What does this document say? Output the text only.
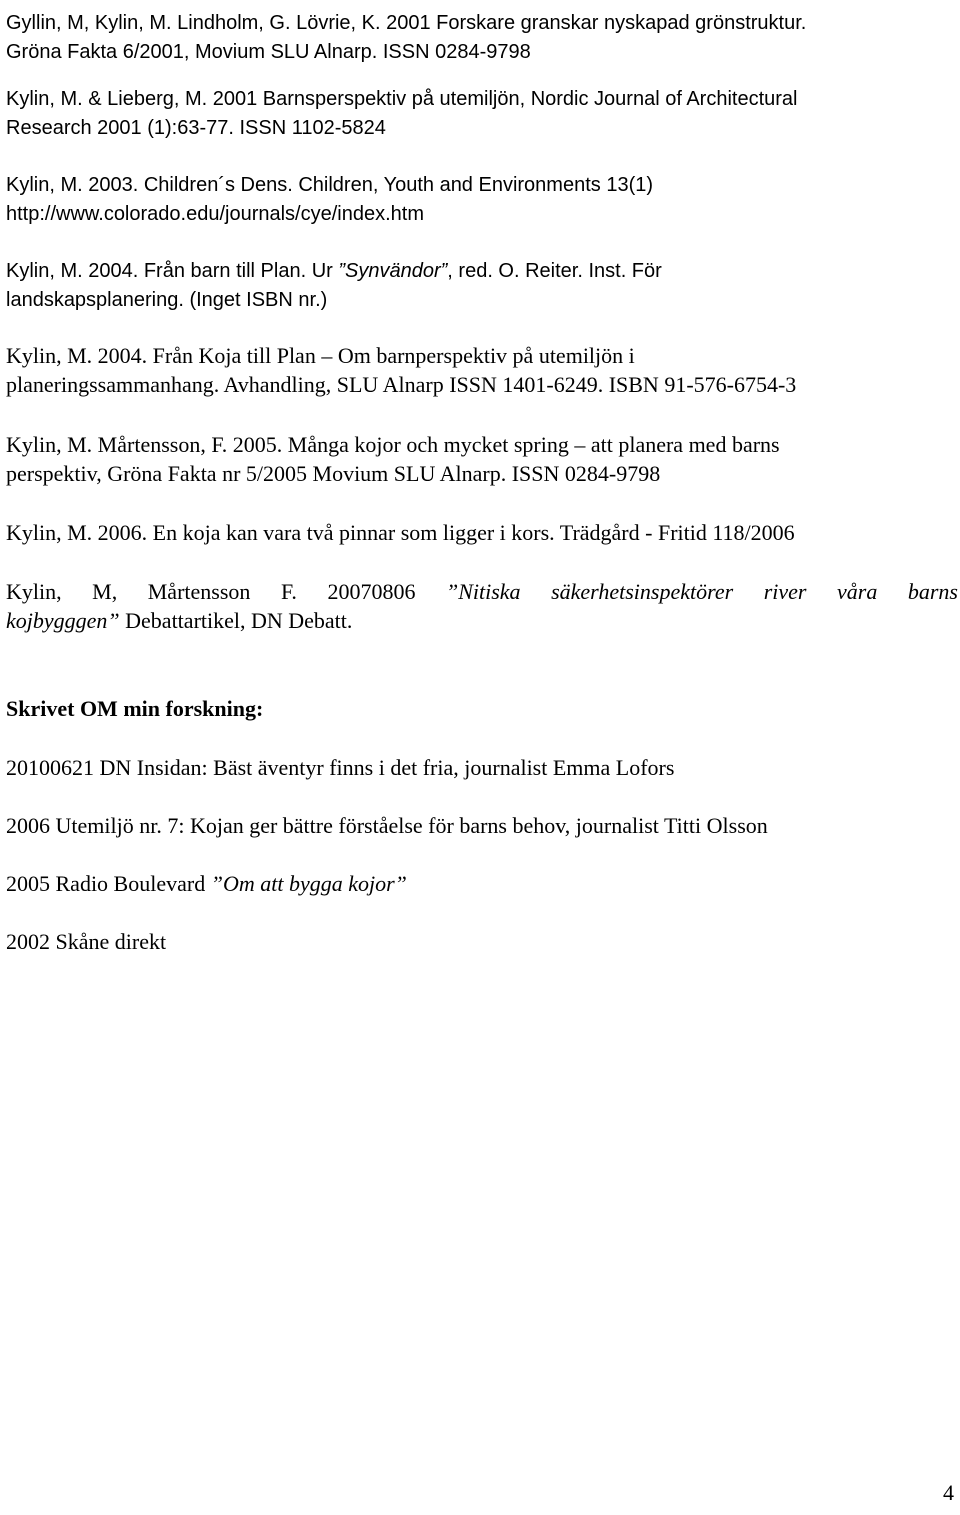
Gyllin, M, Kylin, M. Lindholm, G. Lövrie, K. 2001 Forskare granskar nyskapad grönstruktur.
Gröna Fakta 6/2001, Movium SLU Alnarp. ISSN 0284-9798
Kylin, M. & Lieberg, M. 2001 Barnsperspektiv på utemiljön, Nordic Journal of Architectural
Research 2001 (1):63-77. ISSN 1102-5824
Kylin, M. 2003. Children´s Dens. Children, Youth and Environments 13(1)
http://www.colorado.edu/journals/cye/index.htm
Kylin, M. 2004. Från barn till Plan. Ur ”Synvändor”, red. O. Reiter. Inst. För
landskapsplanering. (Inget ISBN nr.)
Kylin, M. 2004. Från Koja till Plan – Om barnperspektiv på utemiljön i
planeringssammanhang. Avhandling, SLU Alnarp ISSN 1401-6249. ISBN 91-576-6754-3
Kylin, M. Mårtensson, F. 2005. Många kojor och mycket spring – att planera med barns
perspektiv, Gröna Fakta nr 5/2005 Movium SLU Alnarp. ISSN 0284-9798
Kylin, M. 2006. En koja kan vara två pinnar som ligger i kors. Trädgård - Fritid 118/2006
Kylin, M, Mårtensson F. 20070806 ”Nitiska säkerhetsinspektörer river våra barns
kojbygggen” Debattartikel, DN Debatt.
Skrivet OM min forskning:
20100621 DN Insidan: Bäst äventyr finns i det fria, journalist Emma Lofors
2006 Utemiljö nr. 7: Kojan ger bättre förståelse för barns behov, journalist Titti Olsson
2005 Radio Boulevard ”Om att bygga kojor”
2002 Skåne direkt
4
